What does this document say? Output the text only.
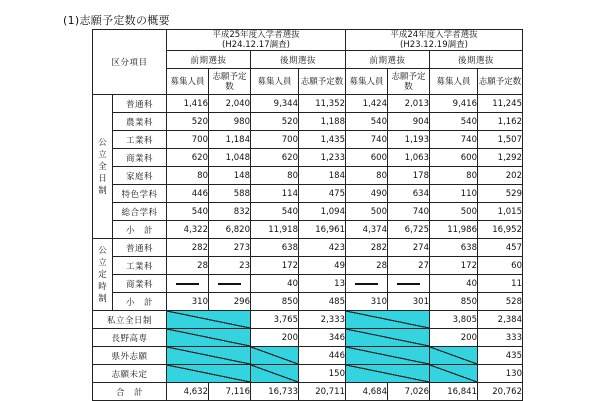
(1)志願予定数の概要
区分項目		平成25年度入学者選抜
(H24.12.17調査)				平成24年度入学者選抜
(H23.12.19調査)			
		前期選抜		後期選抜		前期選抜		後期選抜	
		募集人員	志願予定数	募集人員	志願予定数	募集人員	志願予定数	募集人員	志願予定数
公立全日制	普通科	1,416	2,040	9,344	11,352	1,424	2,013	9,416	11,245
	農業科	520	980	520	1,188	540	904	540	1,162
	工業科	700	1,184	700	1,435	740	1,193	740	1,507
	商業科	620	1,048	620	1,233	600	1,063	600	1,292
	家庭科	80	148	80	184	80	178	80	202
	特色学科	446	588	114	475	490	634	110	529
	総合学科	540	832	540	1,094	500	740	500	1,015
	小　計	4,322	6,820	11,918	16,961	4,374	6,725	11,986	16,952
公立定時制	普通科	282	273	638	423	282	274	638	457
	工業科	28	23	172	49	28	27	172	60
	商業科			40	13			40	11
	小　計	310	296	850	485	310	301	850	528
私立全日制				3,765	2,333			3,805	2,384
長野高専				200	346			200	333
県外志願					446				435
志願未定					150				130
合　計		4,632	7,116	16,733	20,711	4,684	7,026	16,841	20,762
